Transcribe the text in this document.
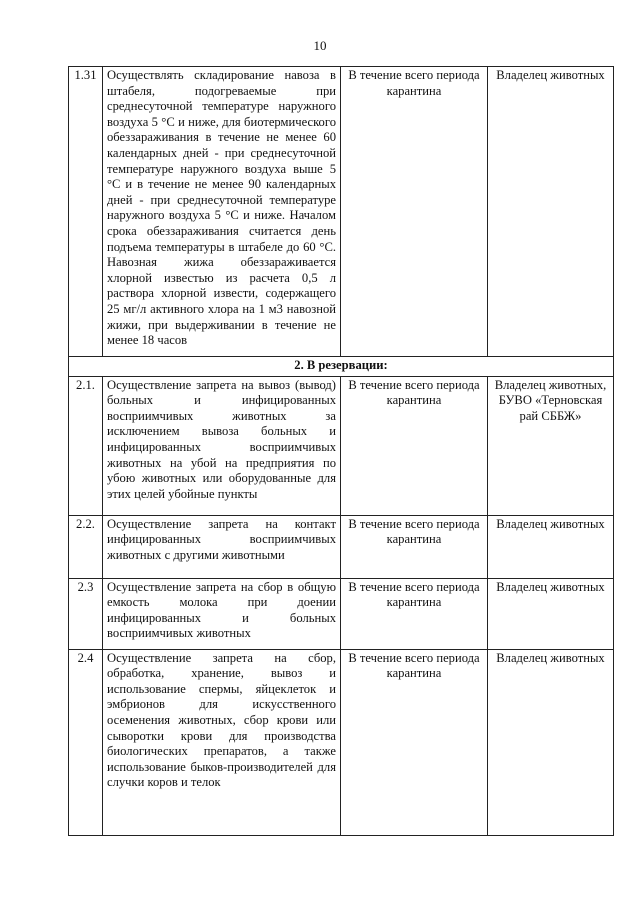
10
1.31	Осуществлять складирование навоза в штабеля, подогреваемые при среднесуточной температуре наружного воздуха 5 °С и ниже, для биотермического обеззараживания в течение не менее 60 календарных дней - при среднесуточной температуре наружного воздуха выше 5 °С и в течение не менее 90 календарных дней - при среднесуточной температуре наружного воздуха 5 °С и ниже. Началом срока обеззараживания считается день подъема температуры в штабеле до 60 °С. Навозная жижа обеззараживается хлорной известью из расчета 0,5 л раствора хлорной извести, содержащего 25 мг/л активного хлора на 1 м3 навозной жижи, при выдерживании в течение не менее 18 часов	В течение всего периода карантина	Владелец животных
2. В резервации:			
2.1.	Осуществление запрета на вывоз (вывод) больных и инфицированных восприимчивых животных за исключением вывоза больных и инфицированных восприимчивых животных на убой на предприятия по убою животных или оборудованные для этих целей убойные пункты	В течение всего периода карантина	Владелец животных, БУВО «Терновская рай СББЖ»
2.2.	Осуществление запрета на контакт инфицированных восприимчивых животных с другими животными	В течение всего периода карантина	Владелец животных
2.3	Осуществление запрета на сбор в общую емкость молока при доении инфицированных и больных восприимчивых животных	В течение всего периода карантина	Владелец животных
2.4	Осуществление запрета на сбор, обработка, хранение, вывоз и использование спермы, яйцеклеток и эмбрионов для искусственного осеменения животных, сбор крови или сыворотки крови для производства биологических препаратов, а также использование быков-производителей для случки коров и телок	В течение всего периода карантина	Владелец животных
